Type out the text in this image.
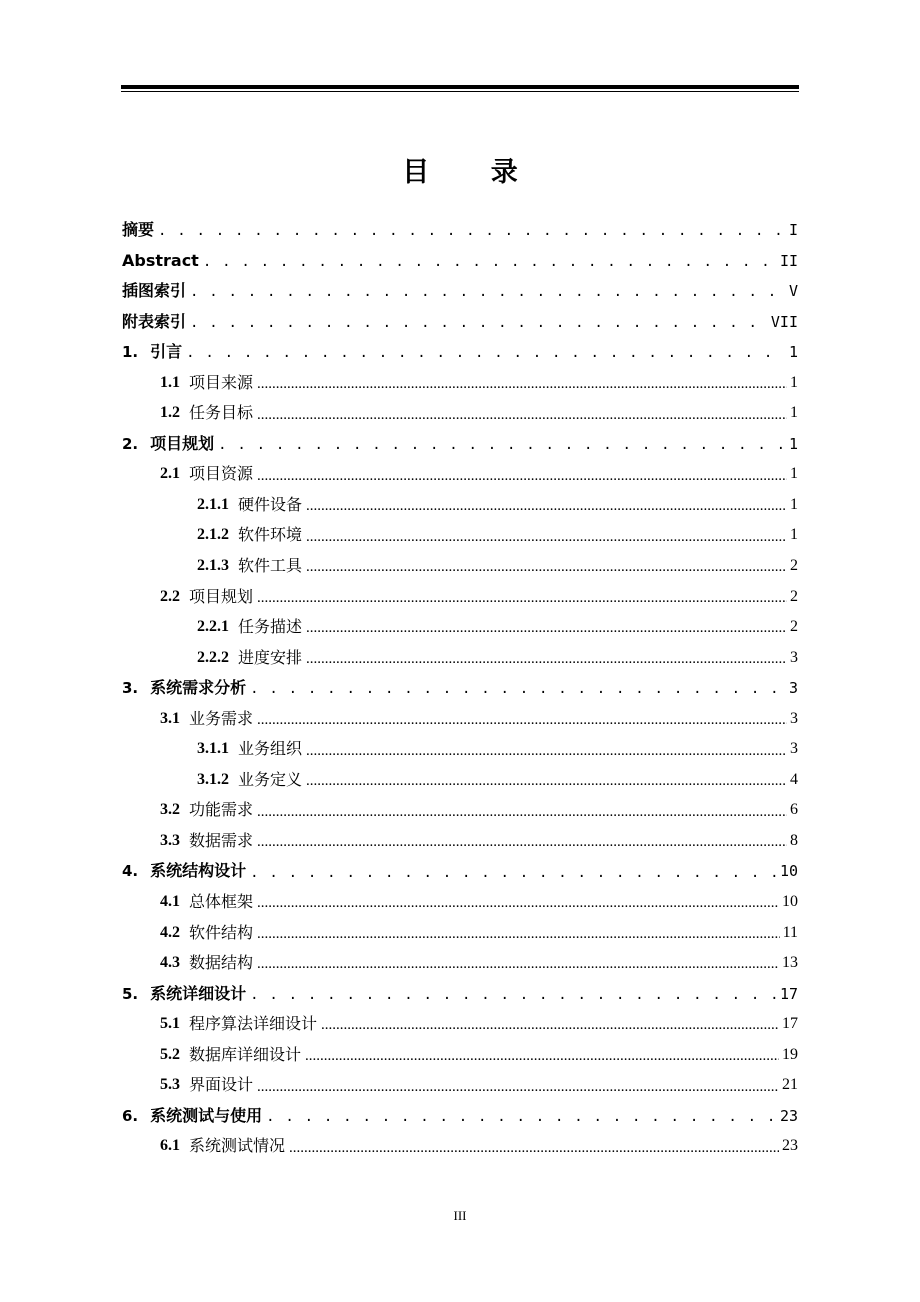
目 录
摘要 . . .	I
Abstract . . .	II
插图索引 . . .	V
附表索引 . . .	VII
1. 引言 . . .	1
1.1 项目来源 .....	1
1.2 任务目标 .....	1
2. 项目规划 . . .	1
2.1 项目资源 .....	1
2.1.1 硬件设备 .....	1
2.1.2 软件环境 .....	1
2.1.3 软件工具 .....	2
2.2 项目规划 .....	2
2.2.1 任务描述 .....	2
2.2.2 进度安排 .....	3
3. 系统需求分析 . . .	3
3.1 业务需求 .....	3
3.1.1 业务组织 .....	3
3.1.2 业务定义 .....	4
3.2 功能需求 .....	6
3.3 数据需求 .....	8
4. 系统结构设计 . . .	10
4.1 总体框架 .....	10
4.2 软件结构 .....	11
4.3 数据结构 .....	13
5. 系统详细设计 . . .	17
5.1 程序算法详细设计 .....	17
5.2 数据库详细设计 .....	19
5.3 界面设计 .....	21
6. 系统测试与使用 . . .	23
6.1 系统测试情况 .....	23
III
